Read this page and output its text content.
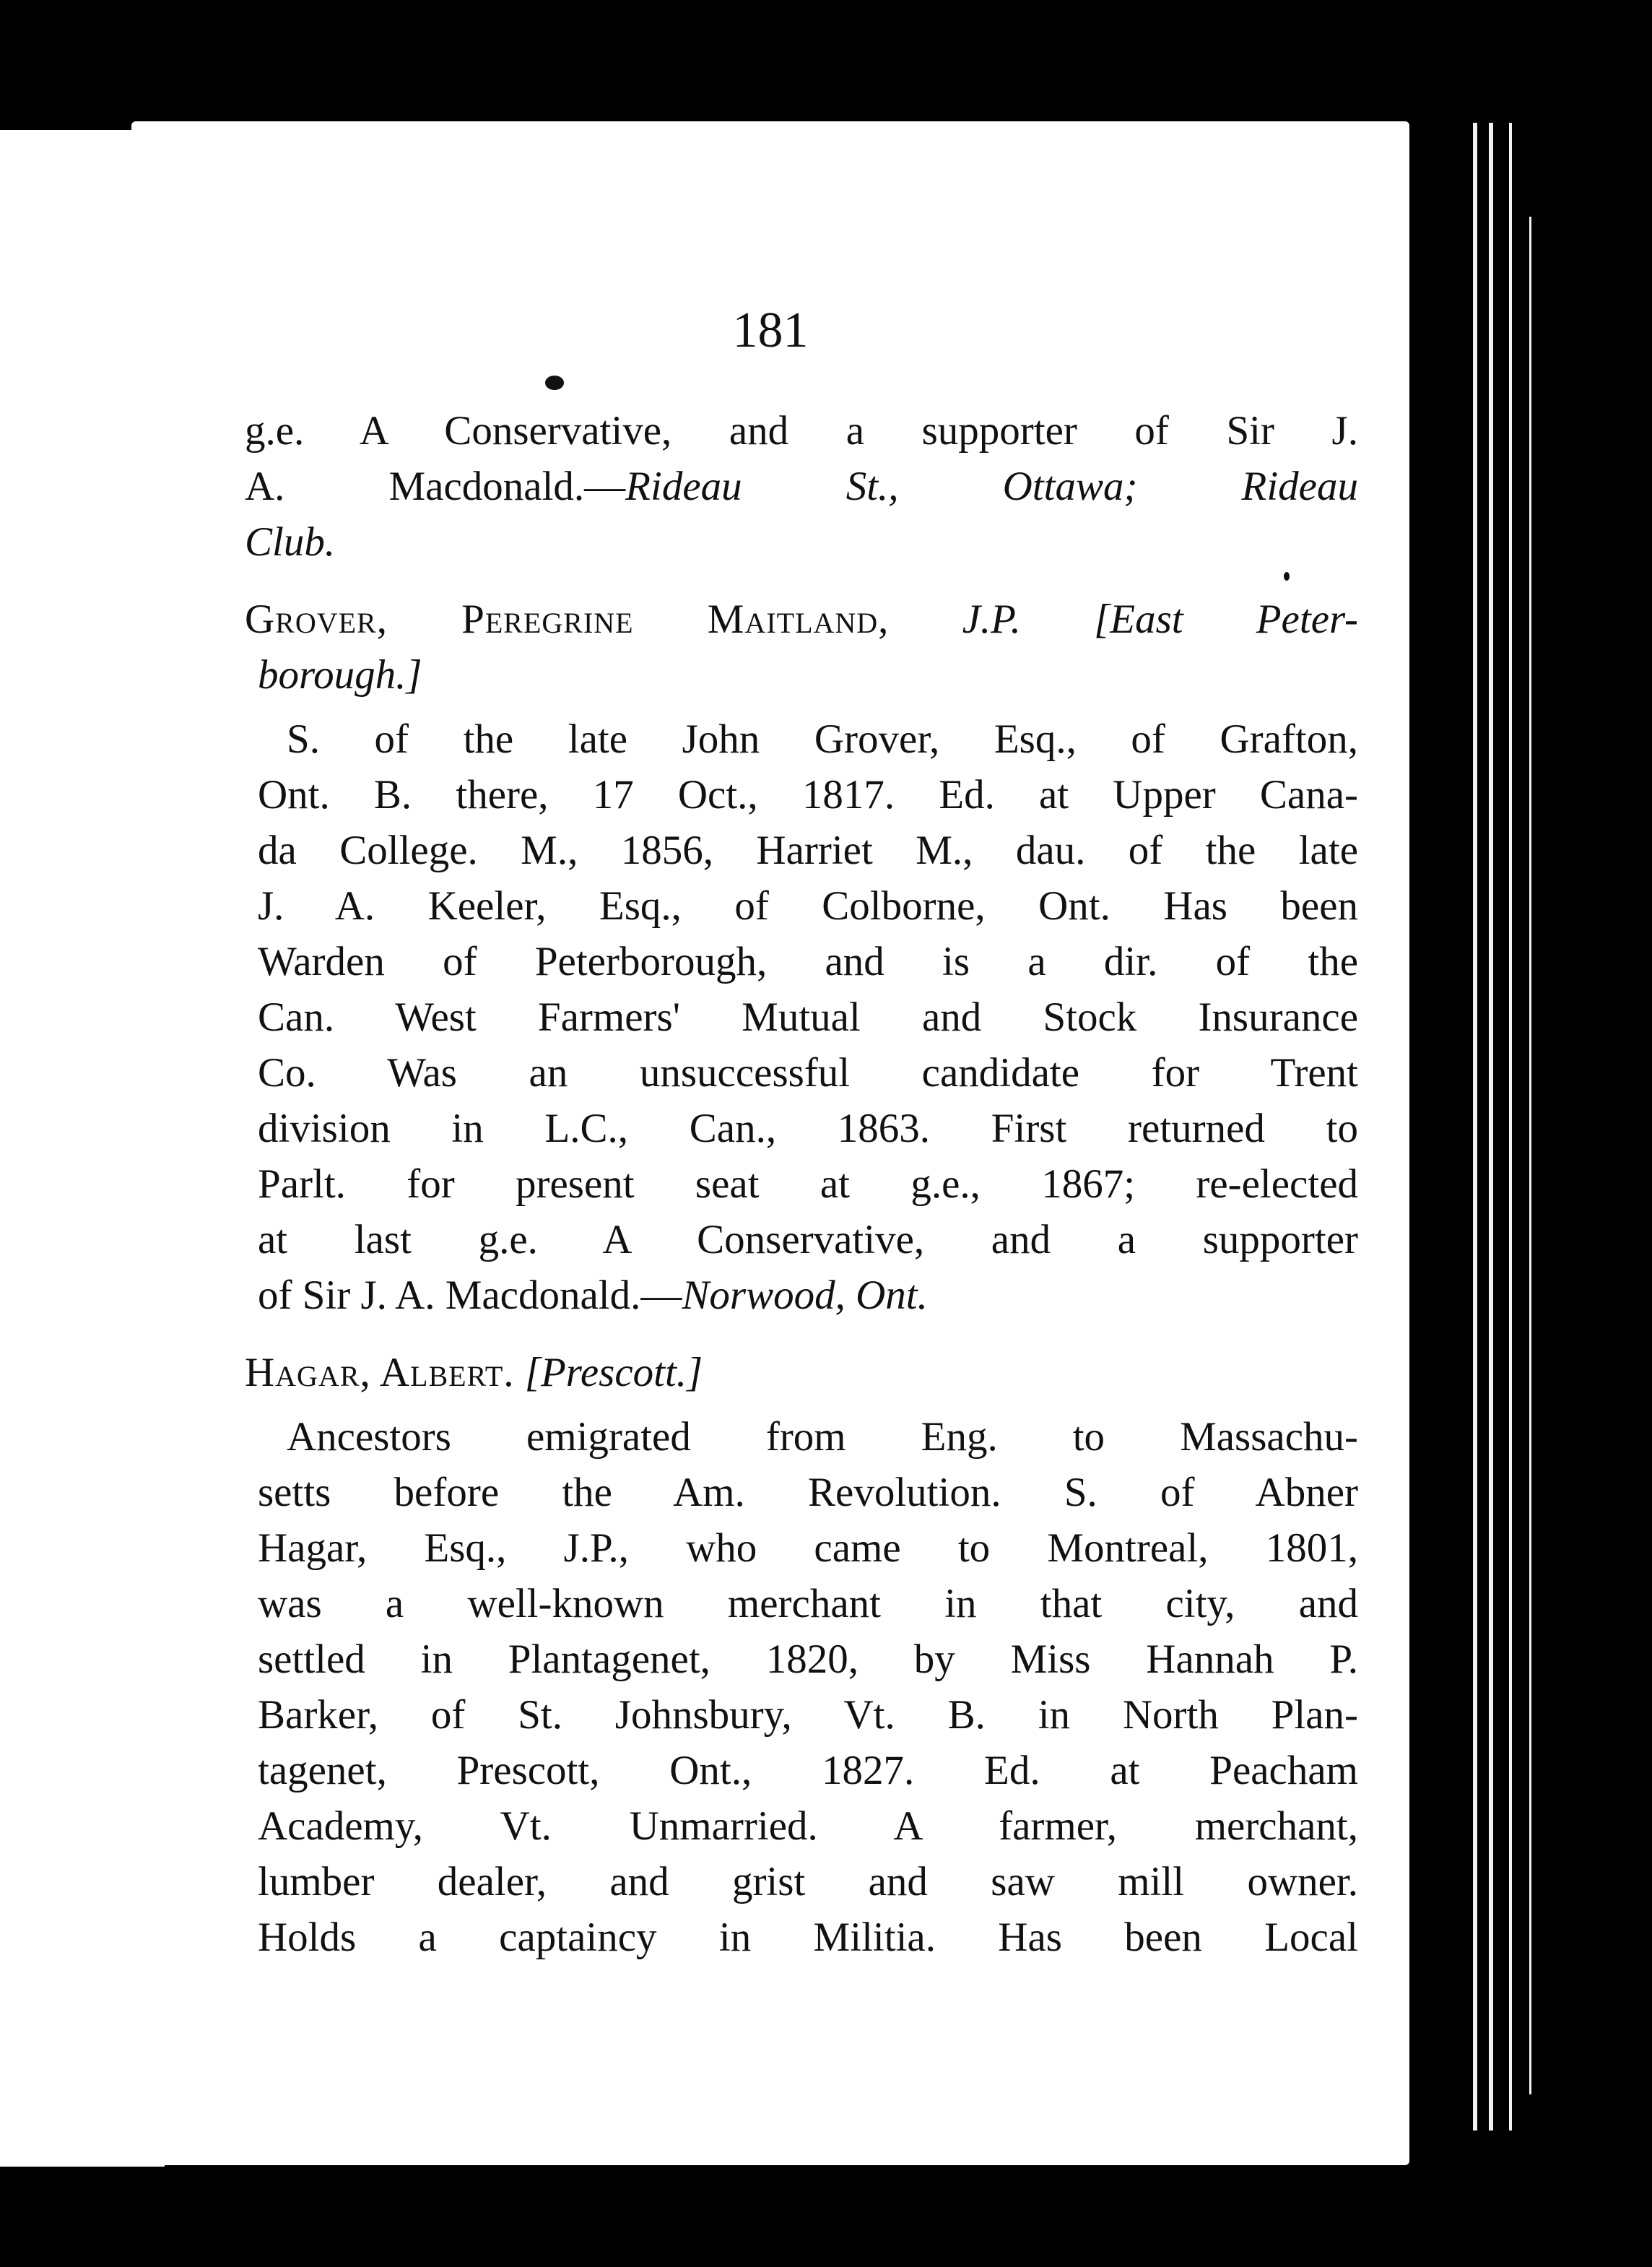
181
g.e. A Conservative, and a supporter of Sir J.
A. Macdonald.—Rideau St., Ottawa; Rideau
Club.
Grover, Peregrine Maitland, J.P. [East Peter-
borough.]
S. of the late John Grover, Esq., of Grafton,
Ont. B. there, 17 Oct., 1817. Ed. at Upper Cana-
da College. M., 1856, Harriet M., dau. of the late
J. A. Keeler, Esq., of Colborne, Ont. Has been
Warden of Peterborough, and is a dir. of the
Can. West Farmers' Mutual and Stock Insurance
Co. Was an unsuccessful candidate for Trent
division in L.C., Can., 1863. First returned to
Parlt. for present seat at g.e., 1867; re-elected
at last g.e. A Conservative, and a supporter
of Sir J. A. Macdonald.—Norwood, Ont.
Hagar, Albert. [Prescott.]
Ancestors emigrated from Eng. to Massachu-
setts before the Am. Revolution. S. of Abner
Hagar, Esq., J.P., who came to Montreal, 1801,
was a well-known merchant in that city, and
settled in Plantagenet, 1820, by Miss Hannah P.
Barker, of St. Johnsbury, Vt. B. in North Plan-
tagenet, Prescott, Ont., 1827. Ed. at Peacham
Academy, Vt. Unmarried. A farmer, merchant,
lumber dealer, and grist and saw mill owner.
Holds a captaincy in Militia. Has been Local
